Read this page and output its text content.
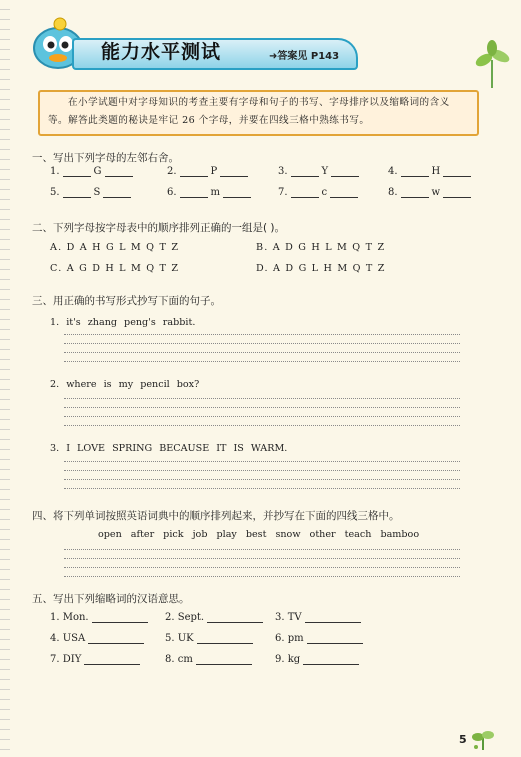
能力水平测试	➜答案见 P143
在小学试题中对字母知识的考查主要有字母和句子的书写、字母排序以及缩略词的含义等。解答此类题的秘诀是牢记 26 个字母，并要在四线三格中熟练书写。
一、写出下列字母的左邻右舍。
1.	G	2.	P	3.	Y	4.	H
5.	S	6.	m	7.	c	8.	w
二、下列字母按字母表中的顺序排列正确的一组是( )。
A. D A H G L M Q T Z	B. A D G H L M Q T Z
C. A G D H L M Q T Z	D. A D G L H M Q T Z
三、用正确的书写形式抄写下面的句子。
1. it's zhang peng's rabbit.
2. where is my pencil box?
3. I LOVE SPRING BECAUSE IT IS WARM.
四、将下列单词按照英语词典中的顺序排列起来，并抄写在下面的四线三格中。
open after pick job play best snow other teach bamboo
五、写出下列缩略词的汉语意思。
1. Mon.	2. Sept.	3. TV
4. USA	5. UK	6. pm
7. DIY	8. cm	9. kg
5
